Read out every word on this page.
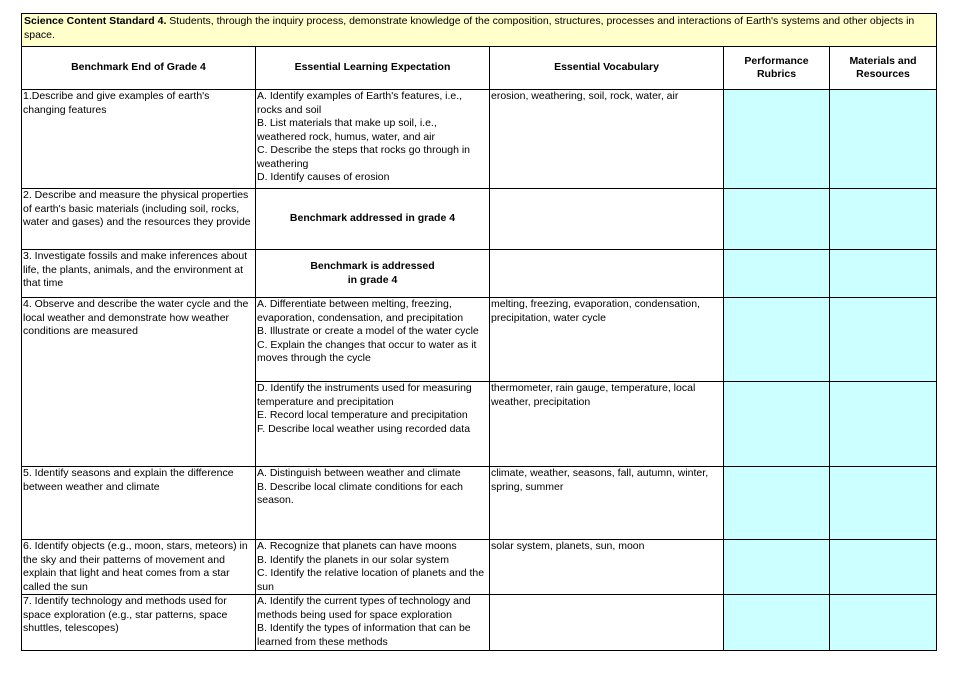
Science Content Standard 4. Students, through the inquiry process, demonstrate knowledge of the composition, structures, processes and interactions of Earth's systems and other objects in space.				
Benchmark End of Grade 4	Essential Learning Expectation	Essential Vocabulary	Performance Rubrics	Materials and Resources
1.Describe and give examples of earth's changing features	A. Identify examples of Earth's features, i.e., rocks and soil
B. List materials that make up soil, i.e., weathered rock, humus, water, and air
C. Describe the steps that rocks go through in weathering
D. Identify causes of erosion	erosion, weathering, soil, rock, water, air		
2. Describe and measure the physical properties of earth's basic materials (including soil, rocks, water and gases) and the resources they provide	Benchmark addressed in grade 4			
3. Investigate fossils and make inferences about life, the plants, animals, and the environment at that time	Benchmark is addressed
in grade 4			

4. Observe and describe the water cycle and the local weather and demonstrate how weather conditions are measured	A. Differentiate between melting, freezing, evaporation, condensation, and precipitation
B. Illustrate or create a model of the water cycle
C. Explain the changes that occur to water as it moves through the cycle	melting, freezing, evaporation, condensation, precipitation, water cycle		

	D. Identify the instruments used for measuring temperature and precipitation
E. Record local temperature and precipitation
F. Describe local weather using recorded data	thermometer, rain gauge, temperature, local weather, precipitation		
5. Identify seasons and explain the difference between weather and climate	A. Distinguish between weather and climate
B. Describe local climate conditions for each season.	climate, weather, seasons, fall, autumn, winter, spring, summer		
6. Identify objects (e.g., moon, stars, meteors) in the sky and their patterns of movement and explain that light and heat comes from a star called the sun	A. Recognize that planets can have moons
B. Identify the planets in our solar system
C. Identify the relative location of planets and the sun	solar system, planets, sun, moon		
7. Identify technology and methods used for space exploration (e.g., star patterns, space shuttles, telescopes)	A. Identify the current types of technology and methods being used for space exploration
B. Identify the types of information that can be learned from these methods			
